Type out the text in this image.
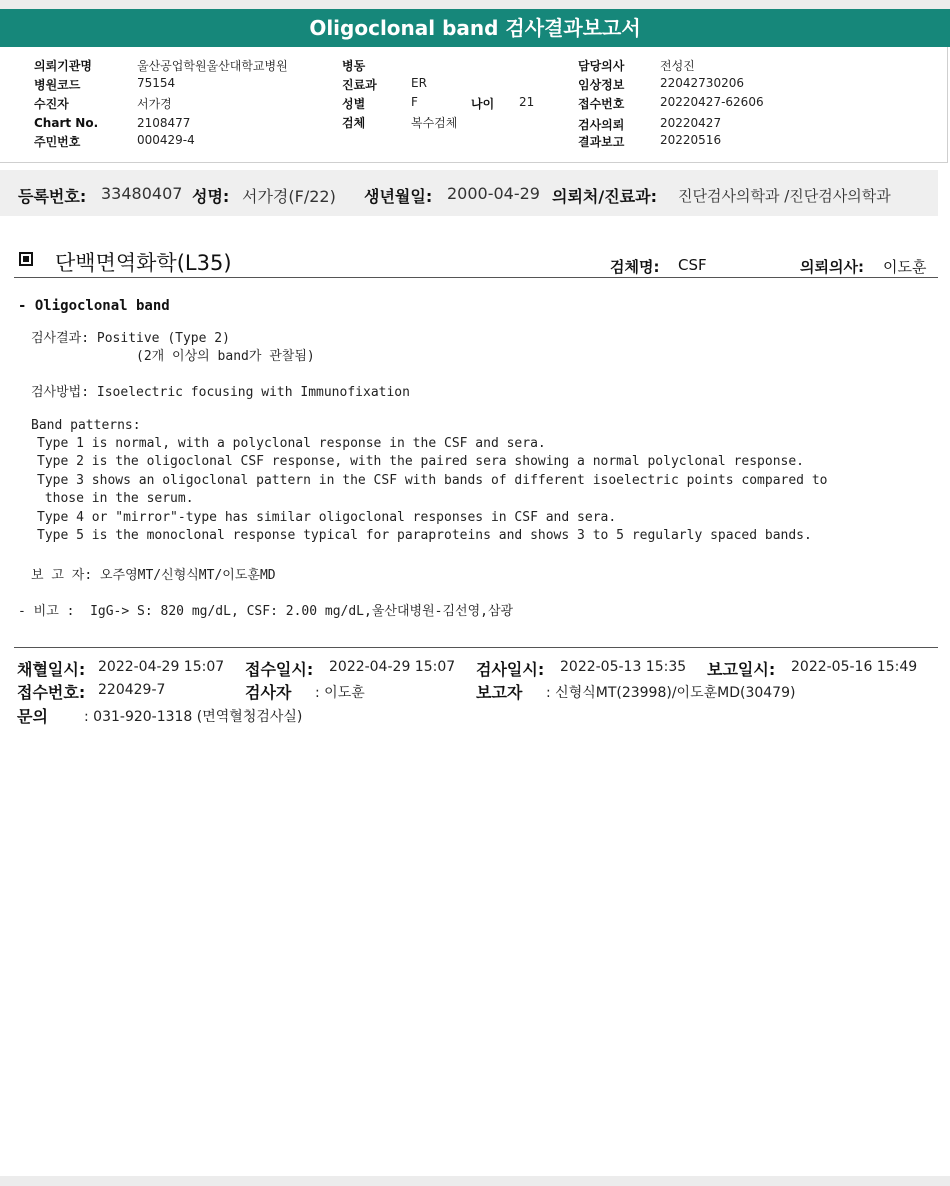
Oligoclonal band 검사결과보고서
의뢰기관명	울산공업학원울산대학교병원
병원코드	75154
수진자	서가경
Chart No.	2108477
주민번호	000429-4
병동
진료과	ER
성별	F	나이 21
검체	복수검체
담당의사	전성진
임상정보	22042730206
접수번호	20220427-62606
검사의뢰	20220427
결과보고	20220516
등록번호: 33480407 성명: 서가경(F/22) 생년월일: 2000-04-29 의뢰처/진료과: 진단검사의학과 /진단검사의학과
단백면역화학(L35)	검체명: CSF	의뢰의사: 이도훈
- Oligoclonal band
검사결과: Positive (Type 2)
(2개 이상의 band가 관찰됨)
검사방법: Isoelectric focusing with Immunofixation
Band patterns:
Type 1 is normal, with a polyclonal response in the CSF and sera.
Type 2 is the oligoclonal CSF response, with the paired sera showing a normal polyclonal response.
Type 3 shows an oligoclonal pattern in the CSF with bands of different isoelectric points compared to
those in the serum.
Type 4 or "mirror"-type has similar oligoclonal responses in CSF and sera.
Type 5 is the monoclonal response typical for paraproteins and shows 3 to 5 regularly spaced bands.
보 고 자: 오주영MT/신형식MT/이도훈MD
- 비고 :  IgG-> S: 820 mg/dL, CSF: 2.00 mg/dL,울산대병원-김선영,삼광
채혈일시: 2022-04-29 15:07 접수일시: 2022-04-29 15:07 검사일시: 2022-05-13 15:35 보고일시: 2022-05-16 15:49
접수번호: 220429-7	검사자 : 이도훈	보고자 : 신형식MT(23998)/이도훈MD(30479)
문의	: 031-920-1318 (면역혈청검사실)
